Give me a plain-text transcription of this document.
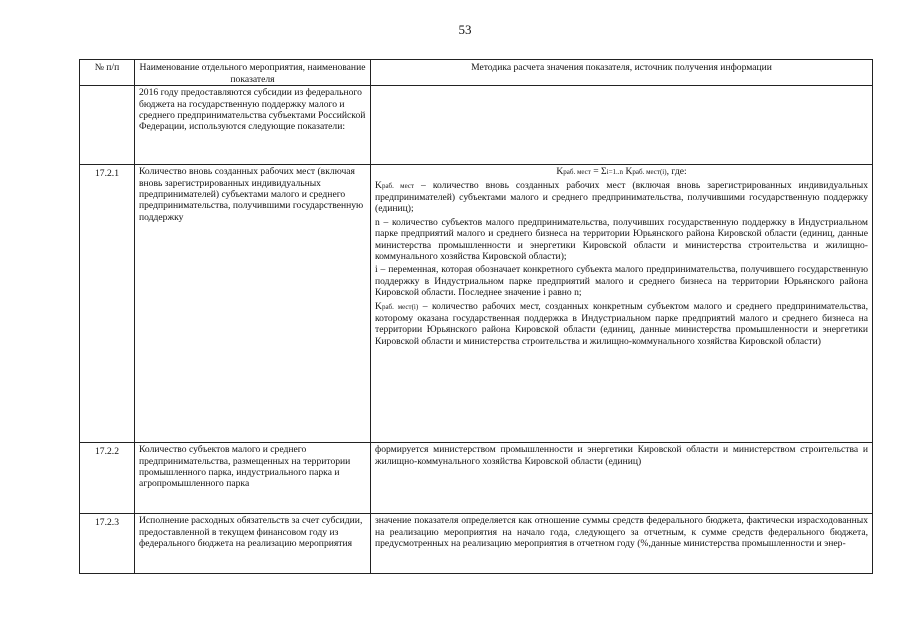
53
№ п/п	Наименование отдельного мероприятия, наименование показателя	Методика расчета значения показателя, источник получения информации
	2016 году предоставляются субсидии из федерального бюджета на государственную поддержку малого и среднего предпринимательства субъектами Российской Федерации, используются следующие показатели:	
17.2.1	Количество вновь созданных рабочих мест (включая вновь зарегистрированных индивидуальных предпринимателей) субъектами малого и среднего предпринимательства, получившими государственную поддержку	Kраб. мест = Σi=1..n Kраб. мест(i), где:
Kраб. мест – количество вновь созданных рабочих мест (включая вновь зарегистрированных индивидуальных предпринимателей) субъектами малого и среднего предпринимательства, получившими государственную поддержку (единиц);
n – количество субъектов малого предпринимательства, получивших государственную поддержку в Индустриальном парке предприятий малого и среднего бизнеса на территории Юрьянского района Кировской области (единиц, данные министерства промышленности и энергетики Кировской области и министерства строительства и жилищно-коммунального хозяйства Кировской области);
i – переменная, которая обозначает конкретного субъекта малого предпринимательства, получившего государственную поддержку в Индустриальном парке предприятий малого и среднего бизнеса на территории Юрьянского района Кировской области. Последнее значение i равно n;
Kраб. мест(i) – количество рабочих мест, созданных конкретным субъектом малого и среднего предпринимательства, которому оказана государственная поддержка в Индустриальном парке предприятий малого и среднего бизнеса на территории Юрьянского района Кировской области (единиц, данные министерства промышленности и энергетики Кировской области и министерства строительства и жилищно-коммунального хозяйства Кировской области)

17.2.2	Количество субъектов малого и среднего предпринимательства, размещенных на территории промышленного парка, индустриального парка и агропромышленного парка	формируется министерством промышленности и энергетики Кировской области и министерством строительства и жилищно-коммунального хозяйства Кировской области (единиц)
17.2.3	Исполнение расходных обязательств за счет субсидии, предоставленной в текущем финансовом году из федерального бюджета на реализацию мероприятия	значение показателя определяется как отношение суммы средств федерального бюджета, фактически израсходованных на реализацию мероприятия на начало года, следующего за отчетным, к сумме средств федерального бюджета, предусмотренных на реализацию мероприятия в отчетном году (%,данные министерства промышленности и энер-
